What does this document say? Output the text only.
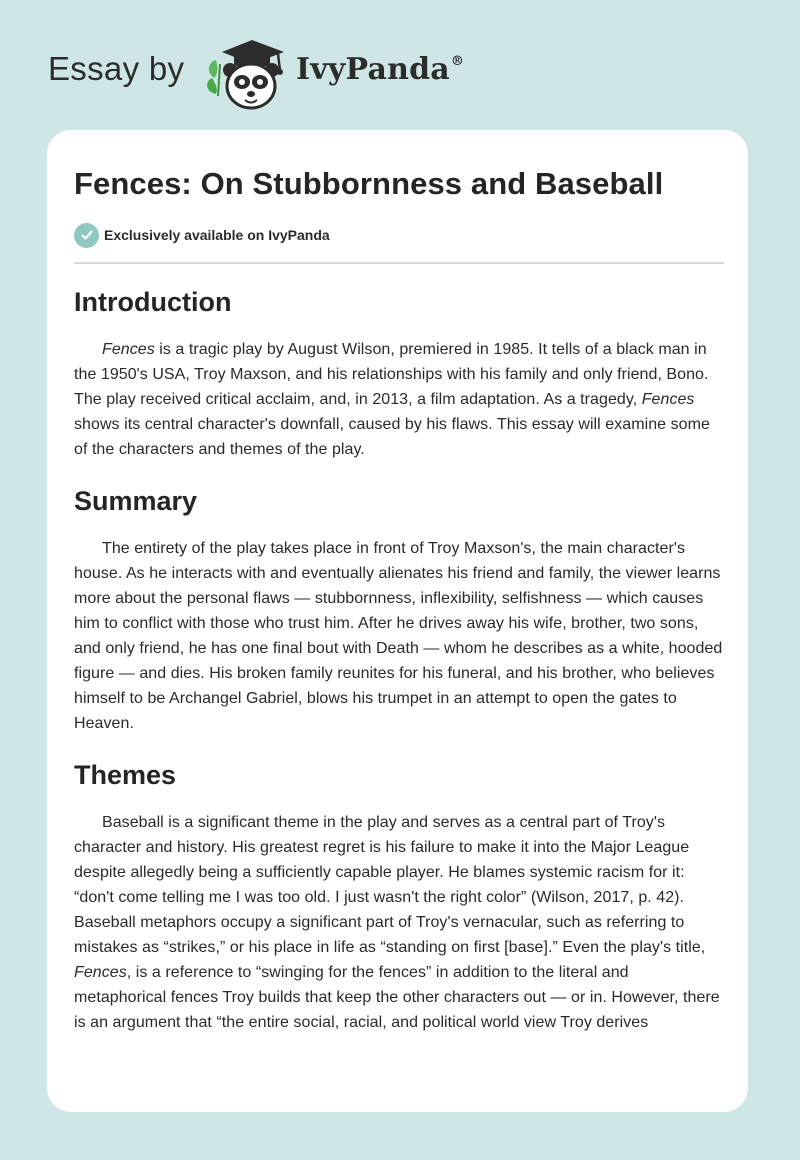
Essay by	IvyPanda®
Fences: On Stubbornness and Baseball
Exclusively available on IvyPanda
Introduction

Fences is a tragic play by August Wilson, premiered in 1985. It tells of a black man in the 1950's USA, Troy Maxson, and his relationships with his family and only friend, Bono. The play received critical acclaim, and, in 2013, a film adaptation. As a tragedy, Fences shows its central character's downfall, caused by his flaws. This essay will examine some of the characters and themes of the play.

Summary

The entirety of the play takes place in front of Troy Maxson's, the main character's house. As he interacts with and eventually alienates his friend and family, the viewer learns more about the personal flaws — stubbornness, inflexibility, selfishness — which causes him to conflict with those who trust him. After he drives away his wife, brother, two sons, and only friend, he has one final bout with Death — whom he describes as a white, hooded figure — and dies. His broken family reunites for his funeral, and his brother, who believes himself to be Archangel Gabriel, blows his trumpet in an attempt to open the gates to Heaven.

Themes

Baseball is a significant theme in the play and serves as a central part of Troy's character and history. His greatest regret is his failure to make it into the Major League despite allegedly being a sufficiently capable player. He blames systemic racism for it: “don't come telling me I was too old. I just wasn't the right color” (Wilson, 2017, p. 42). Baseball metaphors occupy a significant part of Troy's vernacular, such as referring to mistakes as “strikes,” or his place in life as “standing on first [base].” Even the play's title, Fences, is a reference to “swinging for the fences” in addition to the literal and metaphorical fences Troy builds that keep the other characters out — or in. However, there is an argument that “the entire social, racial, and political world view Troy derives
